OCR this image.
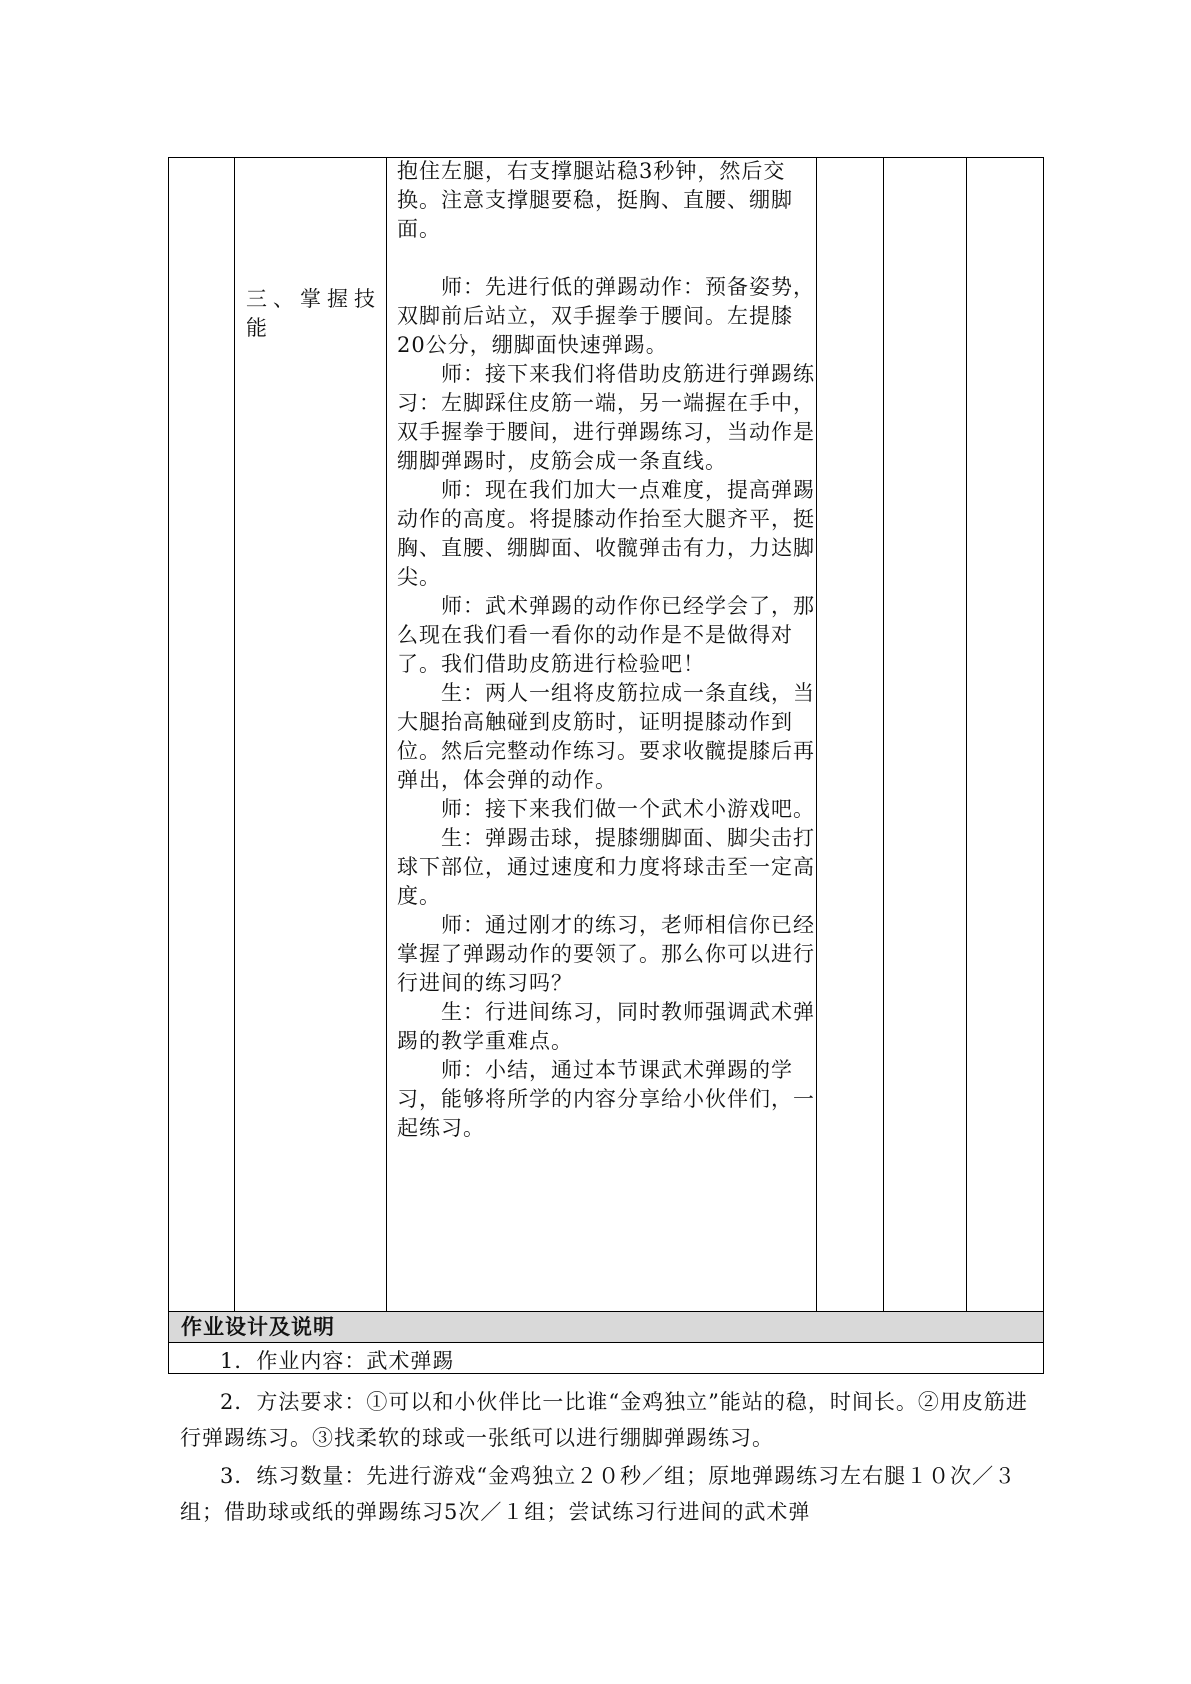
三、掌握技
能

抱住左腿，右支撑腿站稳3秒钟，然后交换。注意支撑腿要稳，挺胸、直腰、绷脚面。

　　师：先进行低的弹踢动作：预备姿势，双脚前后站立，双手握拳于腰间。左提膝20公分，绷脚面快速弹踢。

　　师：接下来我们将借助皮筋进行弹踢练习：左脚踩住皮筋一端，另一端握在手中，双手握拳于腰间，进行弹踢练习，当动作是绷脚弹踢时，皮筋会成一条直线。

　　师：现在我们加大一点难度，提高弹踢动作的高度。将提膝动作抬至大腿齐平，挺胸、直腰、绷脚面、收髋弹击有力，力达脚尖。

　　师：武术弹踢的动作你已经学会了，那么现在我们看一看你的动作是不是做得对了。我们借助皮筋进行检验吧！

　　生：两人一组将皮筋拉成一条直线，当大腿抬高触碰到皮筋时，证明提膝动作到位。然后完整动作练习。要求收髋提膝后再弹出，体会弹的动作。

　　师：接下来我们做一个武术小游戏吧。

　　生：弹踢击球，提膝绷脚面、脚尖击打球下部位，通过速度和力度将球击至一定高度。

　　师：通过刚才的练习，老师相信你已经掌握了弹踢动作的要领了。那么你可以进行行进间的练习吗？

　　生：行进间练习，同时教师强调武术弹踢的教学重难点。

　　师：小结，通过本节课武术弹踢的学习，能够将所学的内容分享给小伙伴们，一起练习。

作业设计及说明

1．作业内容：武术弹踢

2．方法要求：①可以和小伙伴比一比谁“金鸡独立”能站的稳，时间长。②用皮筋进行弹踢练习。③找柔软的球或一张纸可以进行绷脚弹踢练习。

3．练习数量：先进行游戏“金鸡独立２０秒／组；原地弹踢练习左右腿１０次／３组；借助球或纸的弹踢练习5次／１组；尝试练习行进间的武术弹
